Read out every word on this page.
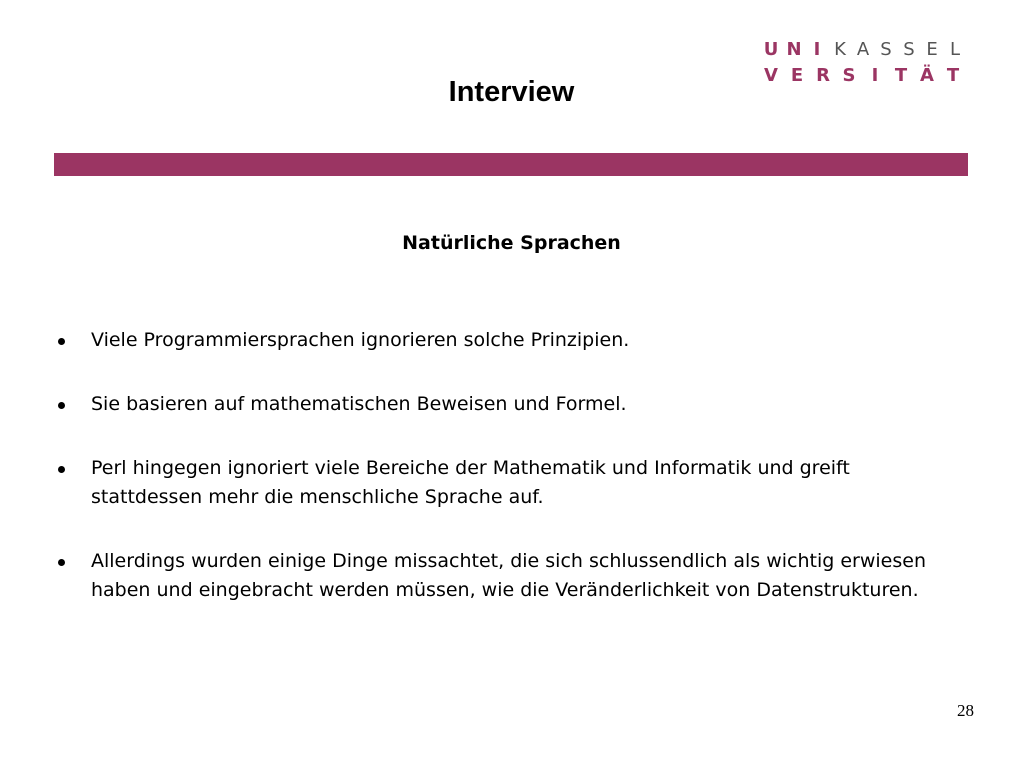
U N I K A S S E L
V E R S I T Ä T
Interview
Natürliche Sprachen
Viele Programmiersprachen ignorieren solche Prinzipien.
Sie basieren auf mathematischen Beweisen und Formel.
Perl hingegen ignoriert viele Bereiche der Mathematik und Informatik und greift stattdessen mehr die menschliche Sprache auf.
Allerdings wurden einige Dinge missachtet, die sich schlussendlich als wichtig erwiesen haben und eingebracht werden müssen, wie die Veränderlichkeit von Datenstrukturen.
28
